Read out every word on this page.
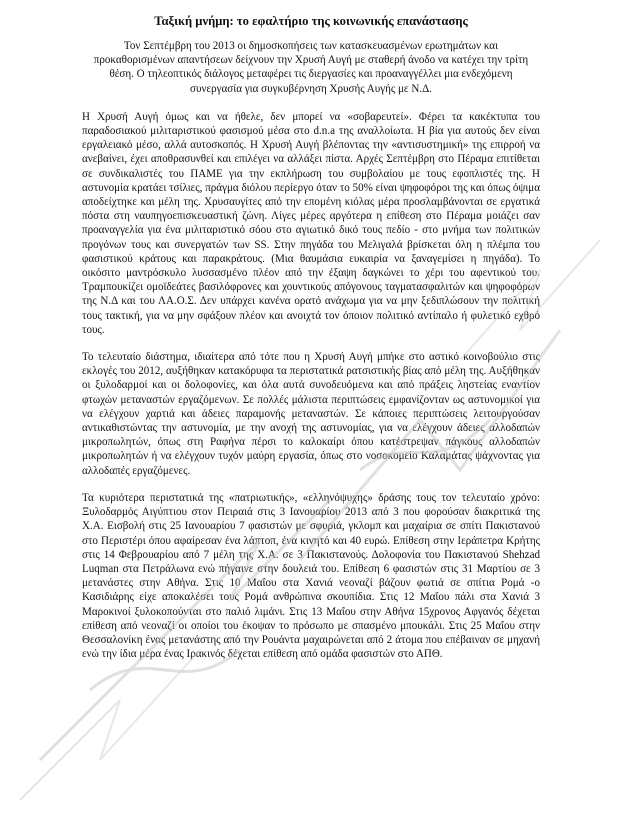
Ταξική μνήμη: το εφαλτήριο της κοινωνικής επανάστασης

Τον Σεπτέμβρη του 2013 οι δημοσκοπήσεις των κατασκευασμένων ερωτημάτων και προκαθορισμένων απαντήσεων δείχνουν την Χρυσή Αυγή με σταθερή άνοδο να κατέχει την τρίτη θέση. Ο τηλεοπτικός διάλογος μεταφέρει τις διεργασίες και προαναγγέλλει μια ενδεχόμενη συνεργασία για συγκυβέρνηση Χρυσής Αυγής με Ν.Δ.

Η Χρυσή Αυγή όμως και να ήθελε, δεν μπορεί να «σοβαρευτεί». Φέρει τα κακέκτυπα του παραδοσιακού μιλιταριστικού φασισμού μέσα στο d.n.a της αναλλοίωτα. Η βία για αυτούς δεν είναι εργαλειακό μέσο, αλλά αυτοσκοπός. Η Χρυσή Αυγή βλέποντας την «αντισυστημική» της επιρροή να ανεβαίνει, έχει αποθρασυνθεί και επιλέγει να αλλάξει πίστα. Αρχές Σεπτέμβρη στο Πέραμα επιτίθεται σε συνδικαλιστές του ΠΑΜΕ για την εκπλήρωση του συμβολαίου με τους εφοπλιστές της. Η αστυνομία κρατάει τσίλιες, πράγμα διόλου περίεργο όταν το 50% είναι ψηφοφόροι της και όπως όψιμα αποδείχτηκε και μέλη της. Χρυσαυγίτες από την επομένη κιόλας μέρα προσλαμβάνονται σε εργατικά πόστα στη ναυπηγοεπισκευαστική ζώνη. Λίγες μέρες αργότερα η επίθεση στο Πέραμα μοιάζει σαν προαναγγελία για ένα μιλιταριστικό σόου στο αγιωτικό δικό τους πεδίο - στο μνήμα των πολιτικών προγόνων τους και συνεργατών των SS. Στην πηγάδα του Μελιγαλά βρίσκεται όλη η πλέμπα του φασιστικού κράτους και παρακράτους. (Μια θαυμάσια ευκαιρία να ξαναγεμίσει η πηγάδα). Το οικόσιτο μαντρόσκυλο λυσσασμένο πλέον από την έξαψη δαγκώνει το χέρι του αφεντικού του. Τραμπουκίζει ομοϊδεάτες βασιλόφρονες και χουντικούς απόγονους ταγματασφαλιτών και ψηφοφόρων της Ν.Δ και του ΛΑ.Ο.Σ. Δεν υπάρχει κανένα ορατό ανάχωμα για να μην ξεδιπλώσουν την πολιτική τους τακτική, για να μην σφάξουν πλέον και ανοιχτά τον όποιον πολιτικό αντίπαλο ή φυλετικό εχθρό τους.

Το τελευταίο διάστημα, ιδιαίτερα από τότε που η Χρυσή Αυγή μπήκε στο αστικό κοινοβούλιο στις εκλογές του 2012, αυξήθηκαν κατακόρυφα τα περιστατικά ρατσιστικής βίας από μέλη της. Αυξήθηκαν οι ξυλοδαρμοί και οι δολοφονίες, και όλα αυτά συνοδευόμενα και από πράξεις ληστείας εναντίον φτωχών μεταναστών εργαζόμενων. Σε πολλές μάλιστα περιπτώσεις εμφανίζονταν ως αστυνομικοί για να ελέγχουν χαρτιά και άδειες παραμονής μεταναστών. Σε κάποιες περιπτώσεις λειτουργούσαν αντικαθιστώντας την αστυνομία, με την ανοχή της αστυνομίας, για να ελέγχουν άδειες αλλοδαπών μικροπωλητών, όπως στη Ραφήνα πέρσι το καλοκαίρι όπου κατέστρεψαν πάγκους αλλοδαπών μικροπωλητών ή να ελέγχουν τυχόν μαύρη εργασία, όπως στο νοσοκομείο Καλαμάτας ψάχνοντας για αλλοδαπές εργαζόμενες.

Τα κυριότερα περιστατικά της «πατριωτικής», «ελληνόψυχης» δράσης τους τον τελευταίο χρόνο: Ξυλοδαρμός Αιγύπτιου στον Πειραιά στις 3 Ιανουαρίου 2013 από 3 που φορούσαν διακριτικά της Χ.Α. Εισβολή στις 25 Ιανουαρίου 7 φασιστών με σφυριά, γκλομπ και μαχαίρια σε σπίτι Πακιστανού στο Περιστέρι όπου αφαίρεσαν ένα λάπτοπ, ένα κινητό και 40 ευρώ. Επίθεση στην Ιεράπετρα Κρήτης στις 14 Φεβρουαρίου από 7 μέλη της Χ.Α. σε 3 Πακιστανούς. Δολοφονία του Πακιστανού Shehzad Luqman στα Πετράλωνα ενώ πήγαινε στην δουλειά του. Επίθεση 6 φασιστών στις 31 Μαρτίου σε 3 μετανάστες στην Αθήνα. Στις 10 Μαΐου στα Χανιά νεοναζί βάζουν φωτιά σε σπίτια Ρομά -ο Κασιδιάρης είχε αποκαλέσει τους Ρομά ανθρώπινα σκουπίδια. Στις 12 Μαΐου πάλι στα Χανιά 3 Μαροκινοί ξυλοκοπούνται στο παλιό λιμάνι. Στις 13 Μαΐου στην Αθήνα 15χρονος Αφγανός δέχεται επίθεση από νεοναζί οι οποίοι του έκοψαν το πρόσωπο με σπασμένο μπουκάλι. Στις 25 Μαΐου στην Θεσσαλονίκη ένας μετανάστης από την Ρουάντα μαχαιρώνεται από 2 άτομα που επέβαιναν σε μηχανή ενώ την ίδια μέρα ένας Ιρακινός δέχεται επίθεση από ομάδα φασιστών στο ΑΠΘ.
